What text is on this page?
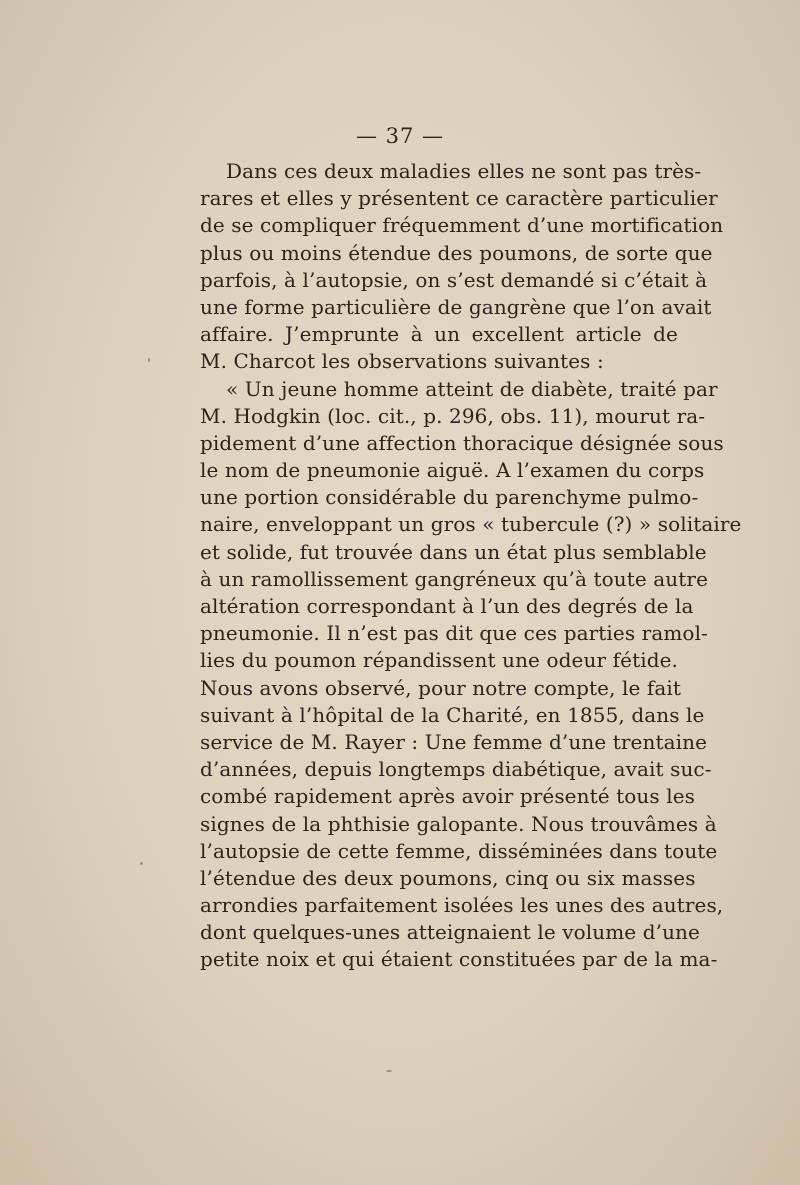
— 37 —
Dans ces deux maladies elles ne sont pas très-
rares et elles y présentent ce caractère particulier
de se compliquer fréquemment d’une mortification
plus ou moins étendue des poumons, de sorte que
parfois, à l’autopsie, on s’est demandé si c’était à
une forme particulière de gangrène que l’on avait
affaire. J’emprunte à un excellent article de
M. Charcot les observations suivantes :
« Un jeune homme atteint de diabète, traité par
M. Hodgkin (loc. cit., p. 296, obs. 11), mourut ra-
pidement d’une affection thoracique désignée sous
le nom de pneumonie aiguë. A l’examen du corps
une portion considérable du parenchyme pulmo-
naire, enveloppant un gros « tubercule (?) » solitaire
et solide, fut trouvée dans un état plus semblable
à un ramollissement gangréneux qu’à toute autre
altération correspondant à l’un des degrés de la
pneumonie. Il n’est pas dit que ces parties ramol-
lies du poumon répandissent une odeur fétide.
Nous avons observé, pour notre compte, le fait
suivant à l’hôpital de la Charité, en 1855, dans le
service de M. Rayer : Une femme d’une trentaine
d’années, depuis longtemps diabétique, avait suc-
combé rapidement après avoir présenté tous les
signes de la phthisie galopante. Nous trouvâmes à
l’autopsie de cette femme, disséminées dans toute
l’étendue des deux poumons, cinq ou six masses
arrondies parfaitement isolées les unes des autres,
dont quelques-unes atteignaient le volume d’une
petite noix et qui étaient constituées par de la ma-
